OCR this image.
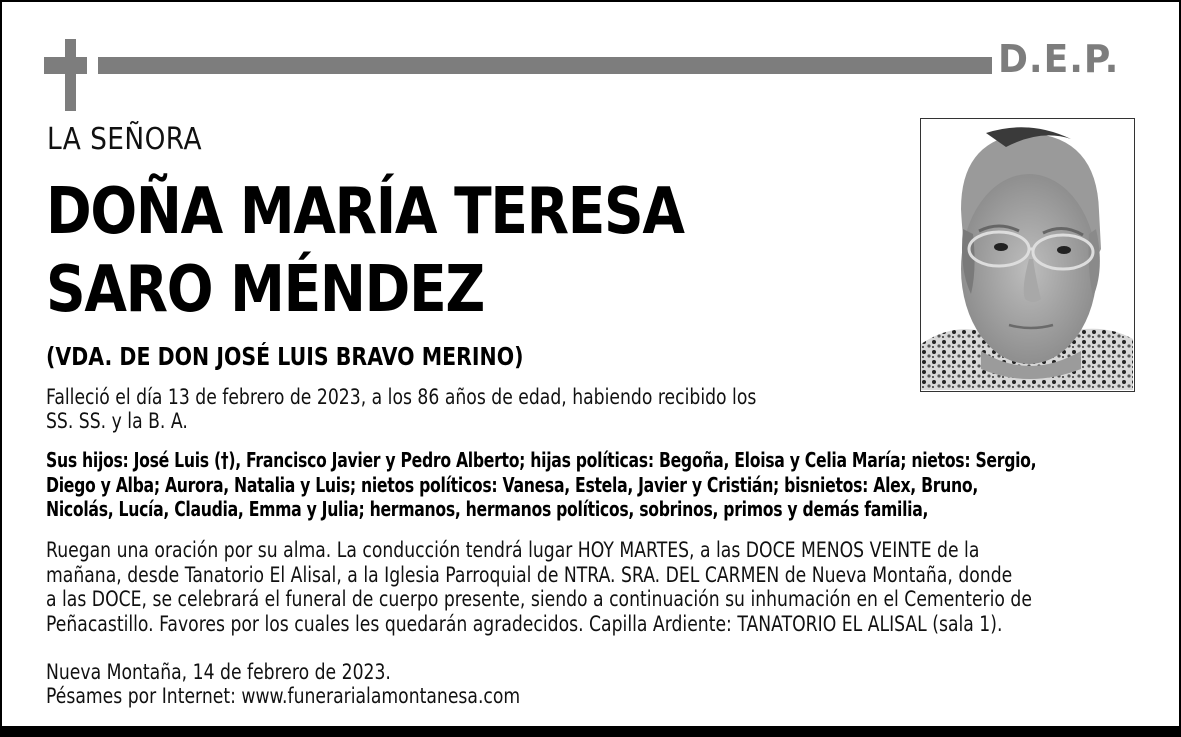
D.E.P.
LA SEÑORA
DOÑA MARÍA TERESA
SARO MÉNDEZ
(VDA. DE DON JOSÉ LUIS BRAVO MERINO)
Falleció el día 13 de febrero de 2023, a los 86 años de edad, habiendo recibido los
SS. SS. y la B. A.
Sus hijos: José Luis (†), Francisco Javier y Pedro Alberto; hijas políticas: Begoña, Eloisa y Celia María; nietos: Sergio,
Diego y Alba; Aurora, Natalia y Luis; nietos políticos: Vanesa, Estela, Javier y Cristián; bisnietos: Alex, Bruno,
Nicolás, Lucía, Claudia, Emma y Julia; hermanos, hermanos políticos, sobrinos, primos y demás familia,
Ruegan una oración por su alma. La conducción tendrá lugar HOY MARTES, a las DOCE MENOS VEINTE de la
mañana, desde Tanatorio El Alisal, a la Iglesia Parroquial de NTRA. SRA. DEL CARMEN de Nueva Montaña, donde
a las DOCE, se celebrará el funeral de cuerpo presente, siendo a continuación su inhumación en el Cementerio de
Peñacastillo. Favores por los cuales les quedarán agradecidos. Capilla Ardiente: TANATORIO EL ALISAL (sala 1).
Nueva Montaña, 14 de febrero de 2023.
Pésames por Internet: www.funerarialamontanesa.com
